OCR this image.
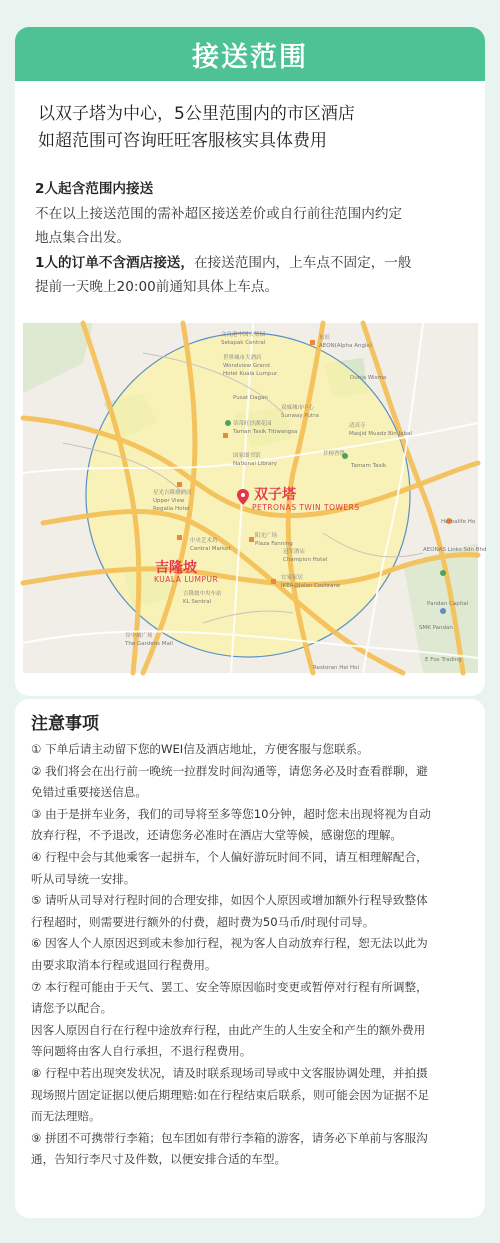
接送范围
以双子塔为中心，5公里范围内的市区酒店
如超范围可咨询旺旺客服核实具体费用
2人起含范围内接送
不在以上接送范围的需补超区接送差价或自行前往范围内约定
地点集合出发。
1人的订单不含酒店接送，在接送范围内，上车点不固定，一般
提前一天晚上20:00前通知具体上车点。
双子塔
PETRONAS TWIN TOWERS
吉隆坡
KUALA LUMPUR
文良港中国人墓园
Setapak Central
东旺
AEON(Alpha Angle)
世界城市大酒店
Wondview Grand
Hotel Kuala Lumpur
Pusat Dagan
Dunia Wisma
双威城市中心
Sunway Putra
蒂蒂旺沙湖花园
Taman Tasik Titiwangsa
清真寺
Masjid Muadz Bin Jabal
国家图书馆
National Library
甘榜峇鲁
Tamam Tasik
星光吉隆坡酒店
Upper View
Regalia Hotel
中央艺术坊
Central Market
阳光广场
Plaza Fanning
冠军酒店
Champion Hotel
吉隆坡中央车站
KL Sentral
宜家家居
IKEA@Jalan Cochrane
谷中城广场
The Gardens Mall
Herbalife Ho
AEONAS Links Sdn Bhd
Pandan Capital
SMK Pandan
E Fox Trading
Restoran Hei Hoi
注意事项
① 下单后请主动留下您的WEI信及酒店地址，方便客服与您联系。
② 我们将会在出行前一晚统一拉群发时间沟通等，请您务必及时查看群聊，避
免错过重要接送信息。
③ 由于是拼车业务，我们的司导将至多等您10分钟，超时您未出现将视为自动
放弃行程，不予退改，还请您务必准时在酒店大堂等候，感谢您的理解。
④ 行程中会与其他乘客一起拼车，个人偏好游玩时间不同，请互相理解配合，
听从司导统一安排。
⑤ 请听从司导对行程时间的合理安排，如因个人原因或增加额外行程导致整体
行程超时，则需要进行额外的付费，超时费为50马币/时现付司导。
⑥ 因客人个人原因迟到或未参加行程，视为客人自动放弃行程，恕无法以此为
由要求取消本行程或退回行程费用。
⑦ 本行程可能由于天气、罢工、安全等原因临时变更或暂停对行程有所调整，
请您予以配合。
因客人原因自行在行程中途放弃行程，由此产生的人生安全和产生的额外费用
等问题将由客人自行承担，不退行程费用。
⑧ 行程中若出现突发状况，请及时联系现场司导或中文客服协调处理，并拍摄
现场照片固定证据以便后期理赔:如在行程结束后联系，则可能会因为证据不足
而无法理赔。
⑨ 拼团不可携带行李箱；包车团如有带行李箱的游客，请务必下单前与客服沟
通，告知行李尺寸及件数，以便安排合适的车型。
